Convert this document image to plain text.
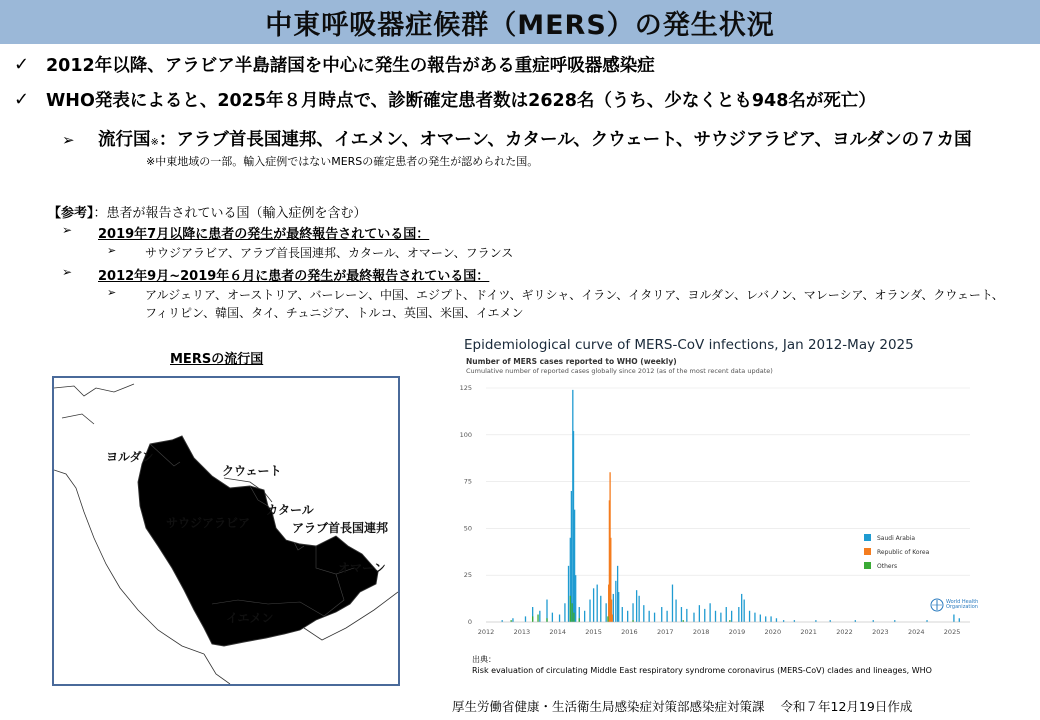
中東呼吸器症候群（MERS）の発生状況
✓ 2012年以降、アラビア半島諸国を中心に発生の報告がある重症呼吸器感染症
✓ WHO発表によると、2025年８月時点で、診断確定患者数は2628名（うち、少なくとも948名が死亡）
➢	流行国 ※ ：アラブ首長国連邦、イエメン、オマーン、カタール、クウェート、サウジアラビア、ヨルダンの７カ国
※中東地域の一部。輸入症例ではないMERSの確定患者の発生が認められた国。
【参考】：患者が報告されている国（輸入症例を含む）
➢	2019年7月以降に患者の発生が最終報告されている国：
➢	サウジアラビア、アラブ首長国連邦、カタール、オマーン、フランス
➢	2012年9月~2019年６月に患者の発生が最終報告されている国：
➢	アルジェリア、オーストリア、バーレーン、中国、エジプト、ドイツ、ギリシャ、イラン、イタリア、ヨルダン、レバノン、マレーシア、オランダ、クウェート、
フィリピン、韓国、タイ、チュニジア、トルコ、英国、米国、イエメン
MERSの流行国
ヨルダン
クウェート
カタール
サウジアラビア	アラブ首長国連邦
オマーン
イエメン
Epidemiological curve of MERS-CoV infections, Jan 2012-May 2025
Number of MERS cases reported to WHO (weekly)
Cumulative number of reported cases globally since 2012 (as of the most recent data update)
0
25
50
75
100
125
2012	2013	2014	2015	2016	2017	2018	2019	2020	2021	2022	2023	2024	2025
Saudi Arabia
Republic of Korea
Others
World Health
Organization
出典：
Risk evaluation of circulating Middle East respiratory syndrome coronavirus (MERS-CoV) clades and lineages, WHO
厚生労働省健康・生活衛生局感染症対策部感染症対策課 令和７年12月19日作成
